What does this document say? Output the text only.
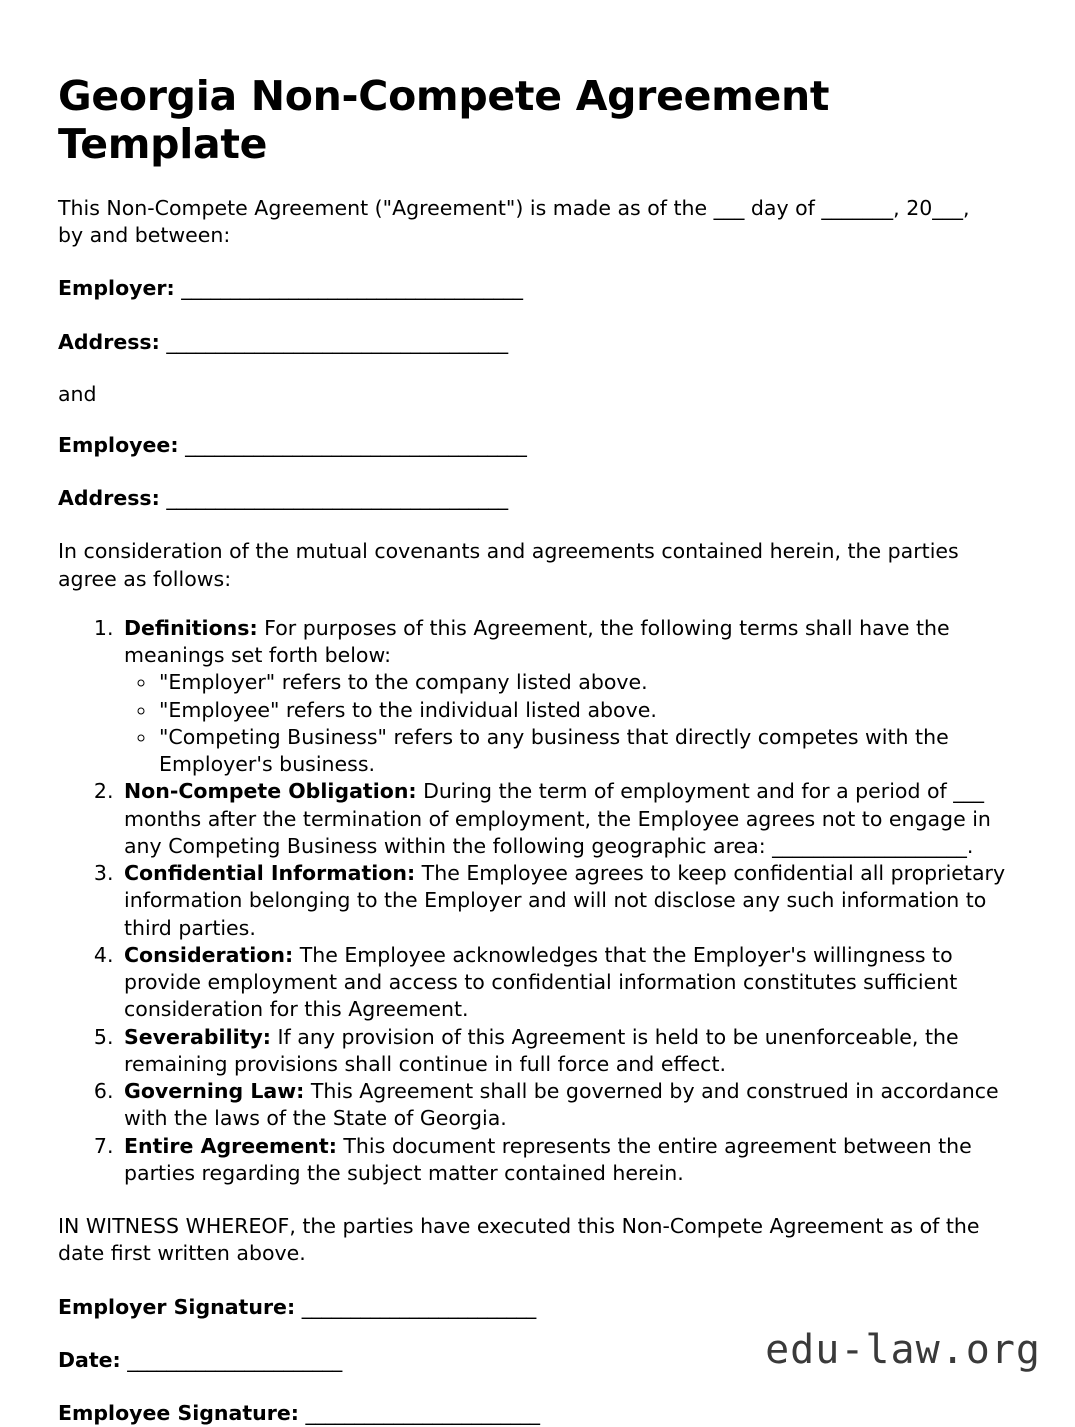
Georgia Non-Compete Agreement Template

This Non-Compete Agreement ("Agreement") is made as of the ___ day of _______, 20___, by and between:

Employer: ___________________________________

Address: ___________________________________

and

Employee: ___________________________________

Address: ___________________________________

In consideration of the mutual covenants and agreements contained herein, the parties agree as follows:

1. Definitions: For purposes of this Agreement, the following terms shall have the meanings set forth below:
◦ "Employer" refers to the company listed above.
◦ "Employee" refers to the individual listed above.
◦ "Competing Business" refers to any business that directly competes with the Employer's business.
2. Non-Compete Obligation: During the term of employment and for a period of ___ months after the termination of employment, the Employee agrees not to engage in any Competing Business within the following geographic area: ___________________.
3. Confidential Information: The Employee agrees to keep confidential all proprietary information belonging to the Employer and will not disclose any such information to third parties.
4. Consideration: The Employee acknowledges that the Employer's willingness to provide employment and access to confidential information constitutes sufficient consideration for this Agreement.
5. Severability: If any provision of this Agreement is held to be unenforceable, the remaining provisions shall continue in full force and effect.
6. Governing Law: This Agreement shall be governed by and construed in accordance with the laws of the State of Georgia.
7. Entire Agreement: This document represents the entire agreement between the parties regarding the subject matter contained herein.

IN WITNESS WHEREOF, the parties have executed this Non-Compete Agreement as of the date first written above.

Employer Signature: ________________________

Date: ______________________

Employee Signature: ________________________

edu-law.org
